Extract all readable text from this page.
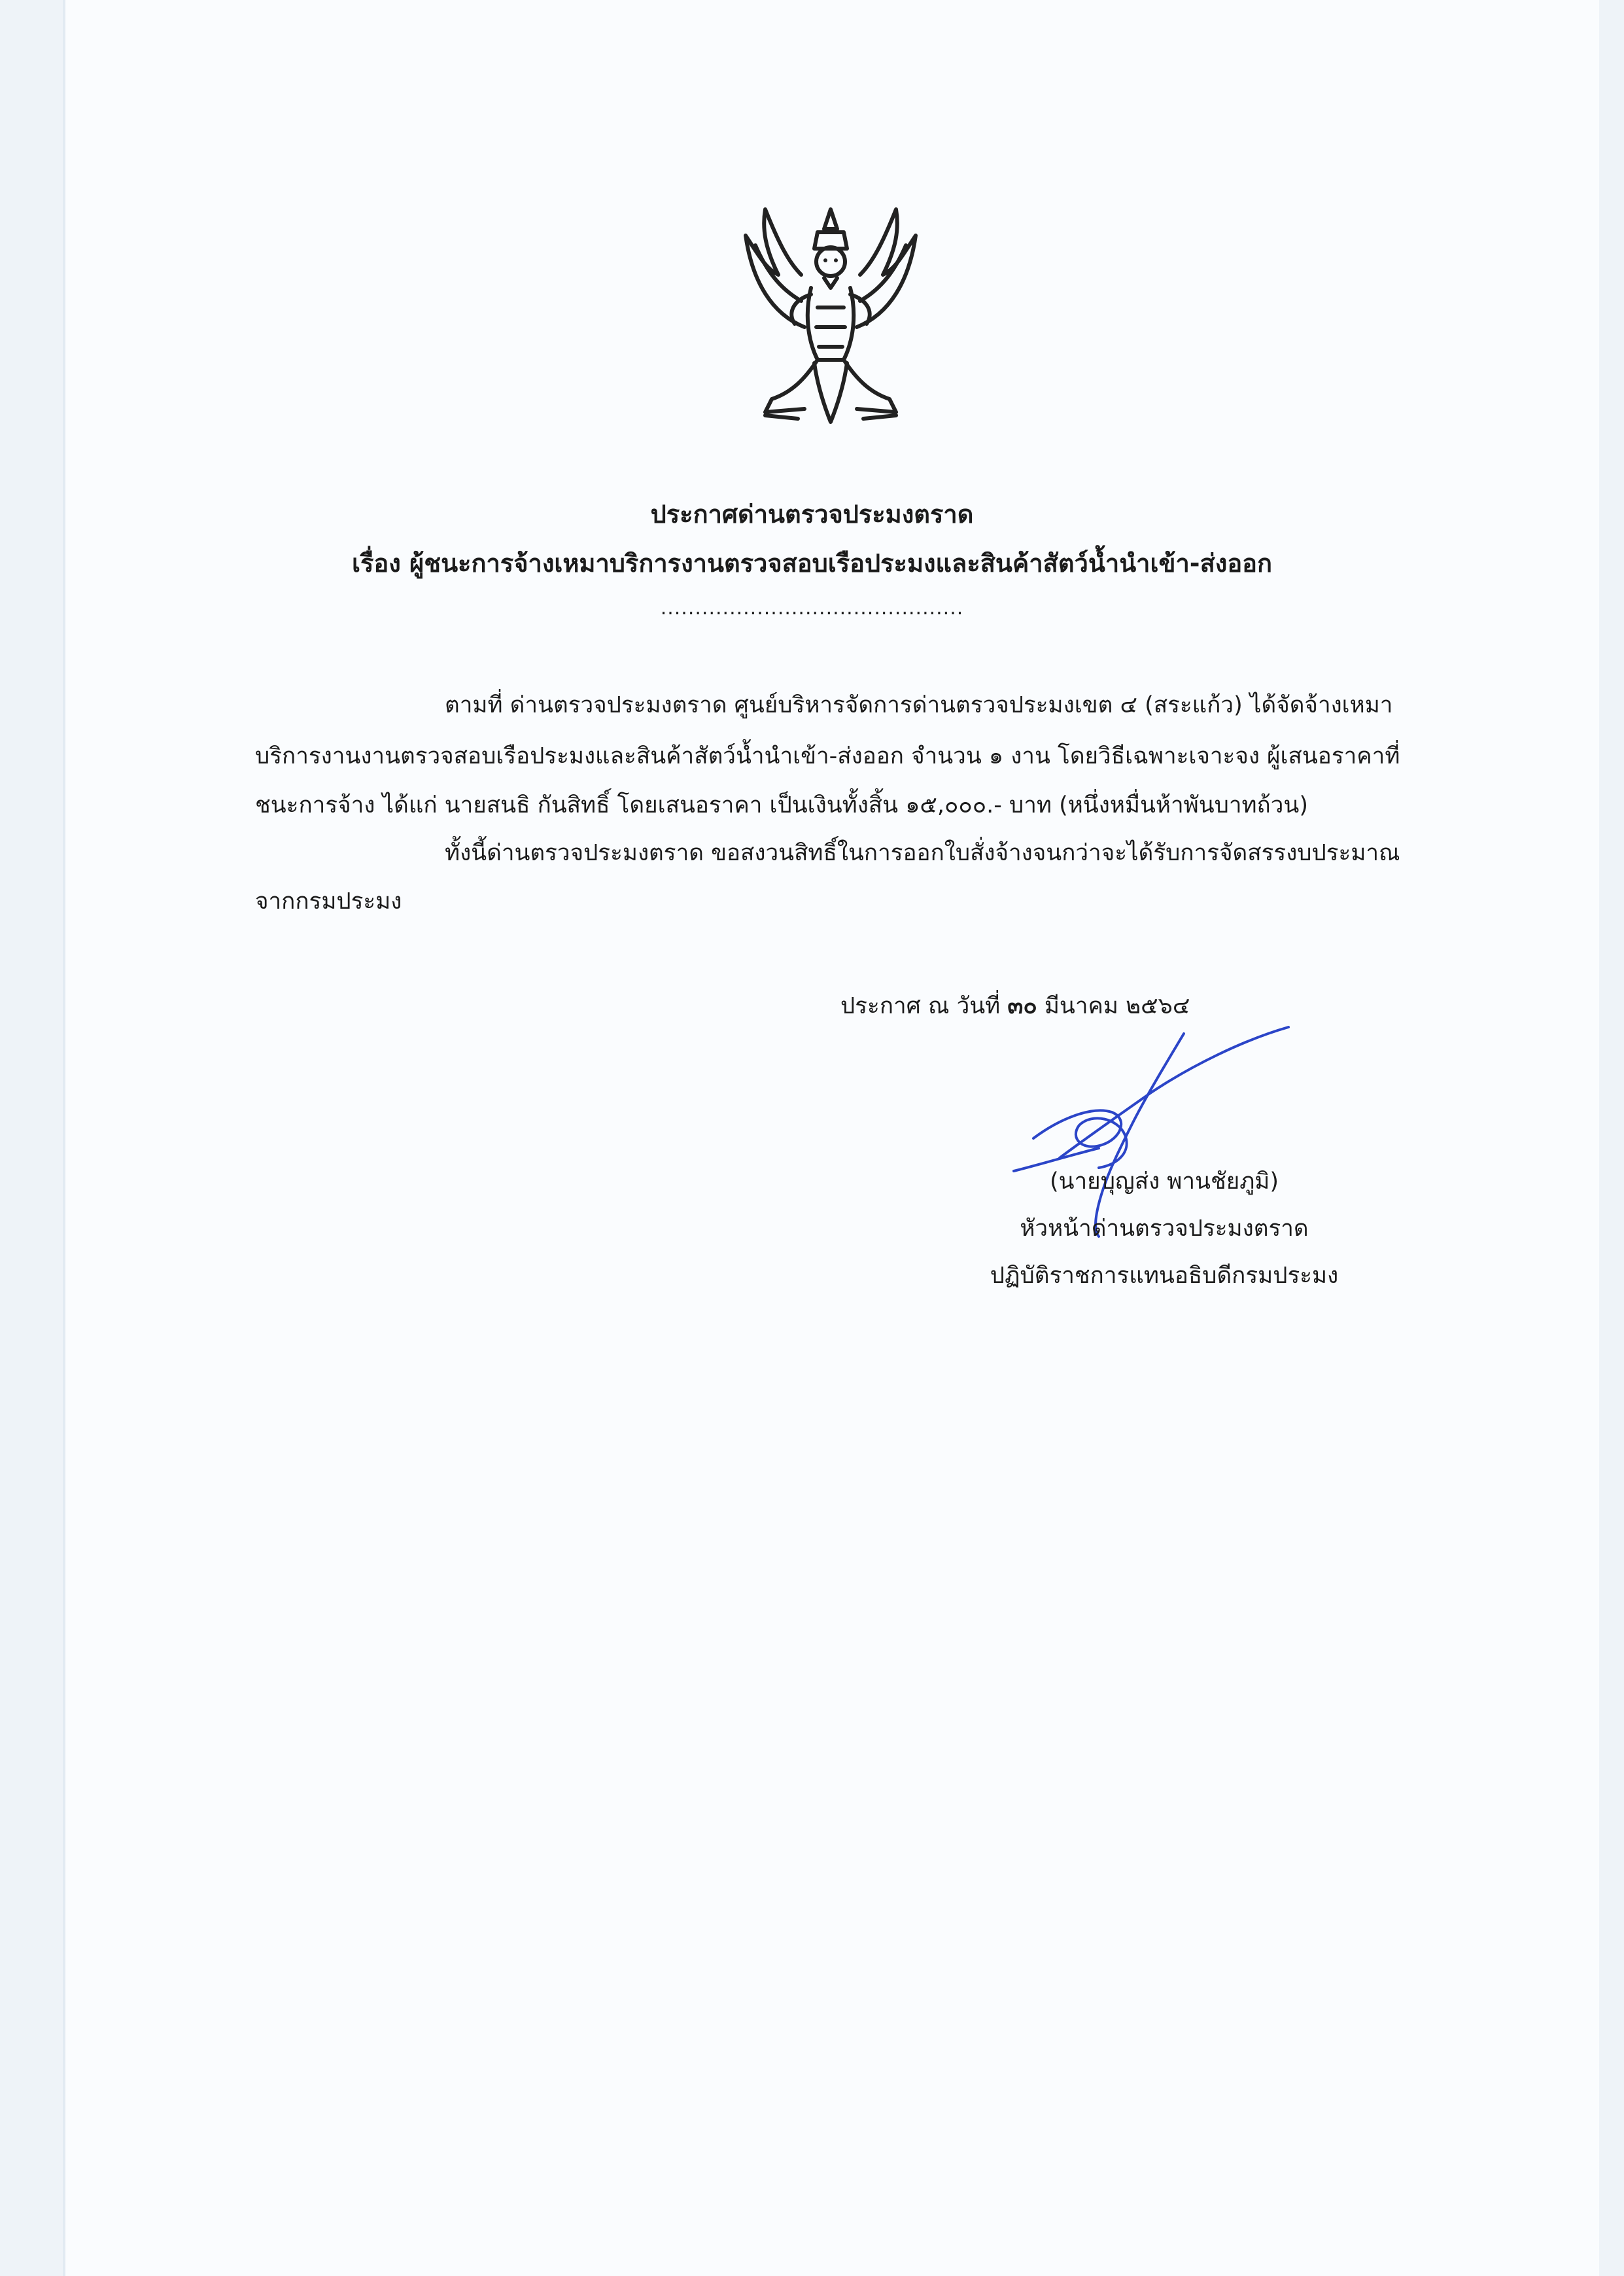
ประกาศด่านตรวจประมงตราด
เรื่อง ผู้ชนะการจ้างเหมาบริการงานตรวจสอบเรือประมงและสินค้าสัตว์น้ำนำเข้า-ส่งออก
............................................
ตามที่ ด่านตรวจประมงตราด ศูนย์บริหารจัดการด่านตรวจประมงเขต ๔ (สระแก้ว) ได้จัดจ้างเหมา
บริการงานงานตรวจสอบเรือประมงและสินค้าสัตว์น้ำนำเข้า-ส่งออก จำนวน ๑ งาน โดยวิธีเฉพาะเจาะจง ผู้เสนอราคาที่
ชนะการจ้าง ได้แก่ นายสนธิ กันสิทธิ์ โดยเสนอราคา เป็นเงินทั้งสิ้น ๑๕,๐๐๐.- บาท (หนึ่งหมื่นห้าพันบาทถ้วน)
ทั้งนี้ด่านตรวจประมงตราด ขอสงวนสิทธิ์ในการออกใบสั่งจ้างจนกว่าจะได้รับการจัดสรรงบประมาณ
จากกรมประมง
ประกาศ ณ วันที่ ๓๐ มีนาคม ๒๕๖๔
(นายบุญส่ง พานชัยภูมิ)
หัวหน้าด่านตรวจประมงตราด
ปฏิบัติราชการแทนอธิบดีกรมประมง
